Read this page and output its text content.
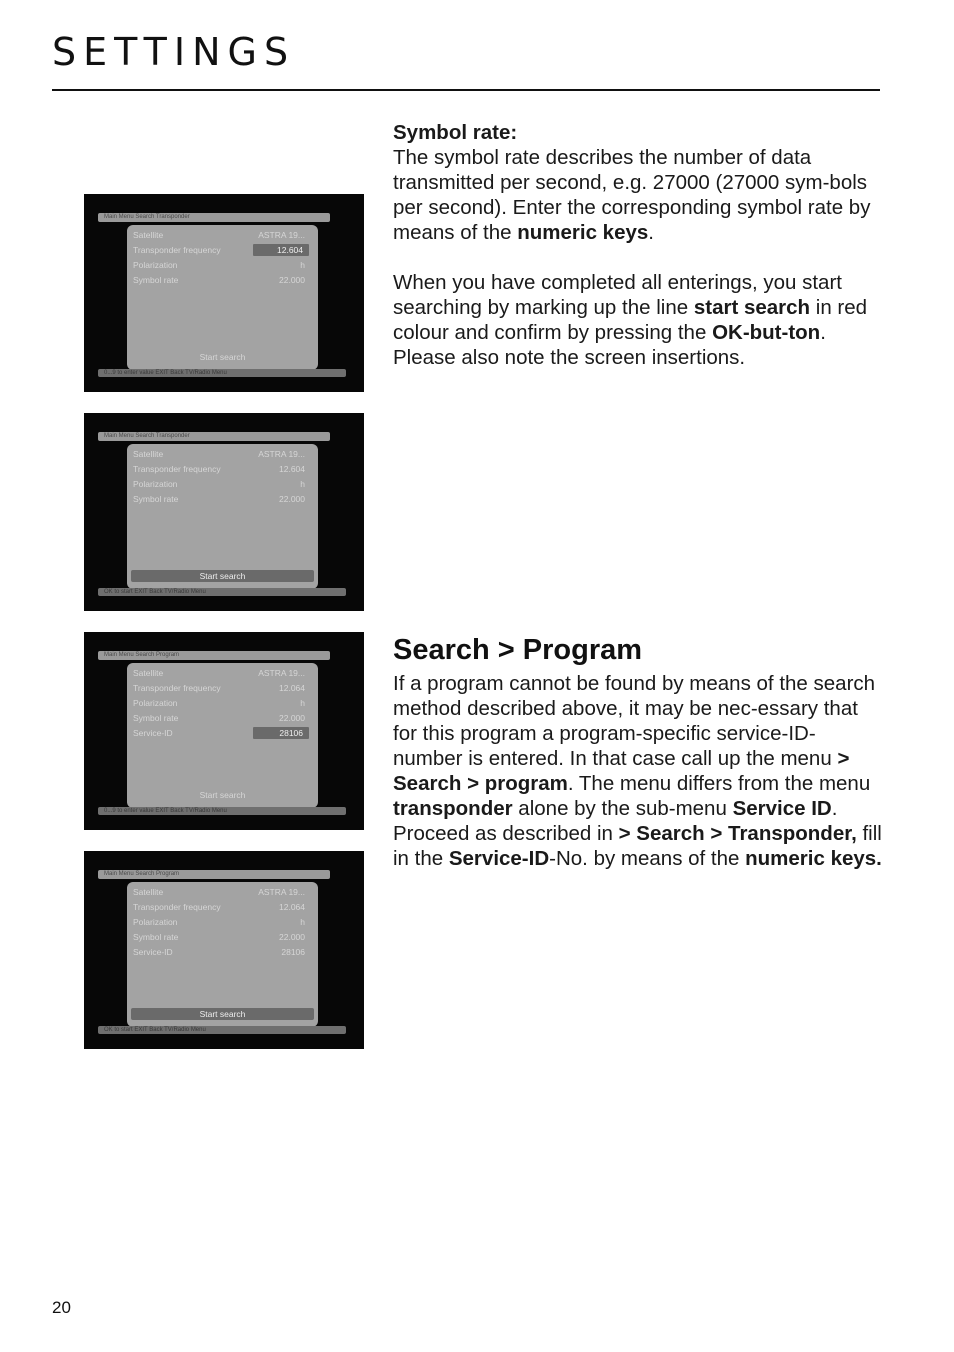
SETTINGS

Symbol rate:

The symbol rate describes the number of data transmitted per second, e.g. 27000 (27000 sym-bols per second). Enter the corresponding symbol rate by means of the numeric keys.

When you have completed all enterings, you start searching by marking up the line start search in red colour and confirm by pressing the OK-but-ton. Please also note the screen insertions.

Search > Program

If a program cannot be found by means of the search method described above, it may be nec-essary that for this program a program-specific service-ID-number is entered. In that case call up the menu > Search > program. The menu differs from the menu transponder alone by the sub-menu Service ID.

Proceed as described in > Search > Transponder, fill in the Service-ID-No. by means of the numeric keys.

Main Menu Search Transponder
Satellite	ASTRA 19...
Transponder frequency	12.604
Polarization	h
Symbol rate	22.000
Start search
0...9 to enter value EXIT Back TV/Radio Menu
Main Menu Search Transponder
Satellite	ASTRA 19...
Transponder frequency	12.604
Polarization	h
Symbol rate	22.000
Start search
OK to start EXIT Back TV/Radio Menu
Main Menu Search Program
Satellite	ASTRA 19...
Transponder frequency	12.064
Polarization	h
Symbol rate	22.000
Service-ID	28106
Start search
0...9 to enter value EXIT Back TV/Radio Menu
Main Menu Search Program
Satellite	ASTRA 19...
Transponder frequency	12.064
Polarization	h
Symbol rate	22.000
Service-ID	28106
Start search
OK to start EXIT Back TV/Radio Menu
20
